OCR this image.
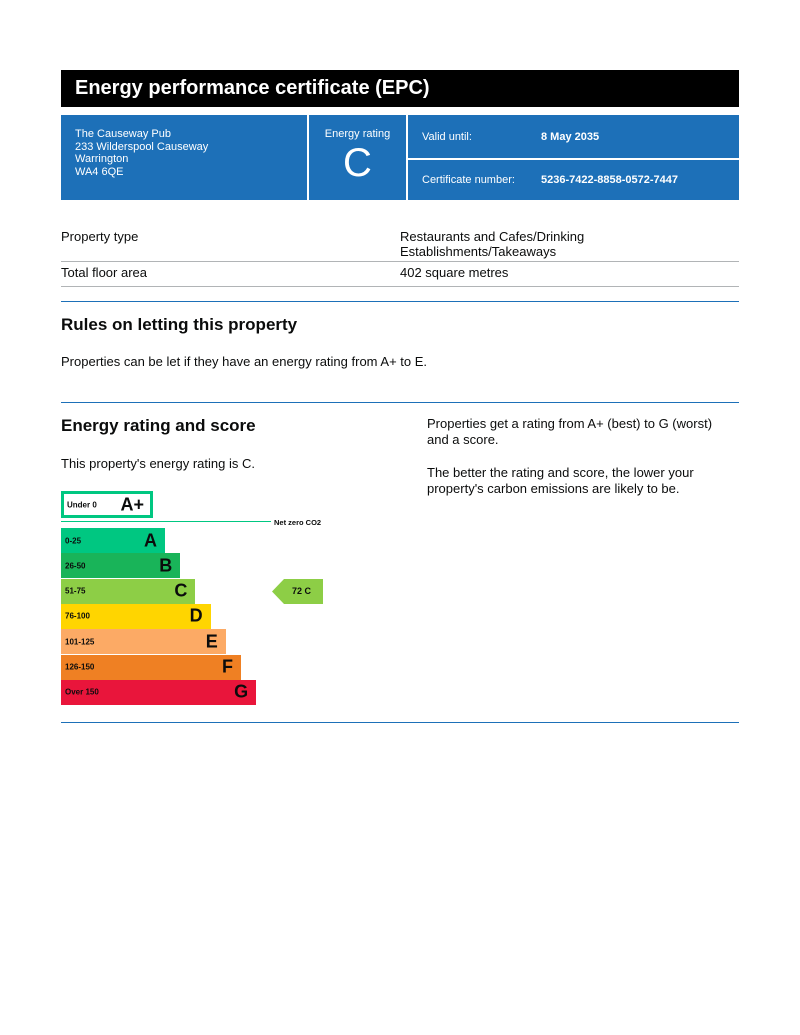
Energy performance certificate (EPC)
The Causeway Pub
233 Wilderspool Causeway
Warrington
WA4 6QE
Energy rating
C
Valid until:	8 May 2035
Certificate number: 5236-7422-8858-0572-7447
Property type	Restaurants and Cafes/Drinking Establishments/Takeaways
Total floor area	402 square metres
Rules on letting this property

Properties can be let if they have an energy rating from A+ to E.

Energy rating and score

This property's energy rating is C.

Properties get a rating from A+ (best) to G (worst) and a score.

The better the rating and score, the lower your property's carbon emissions are likely to be.

Under 0 A+
Net zero CO2
72 C
0-25	A
26-50	B
51-75	C
76-100	D
101-125	E
126-150	F
Over 150	G
